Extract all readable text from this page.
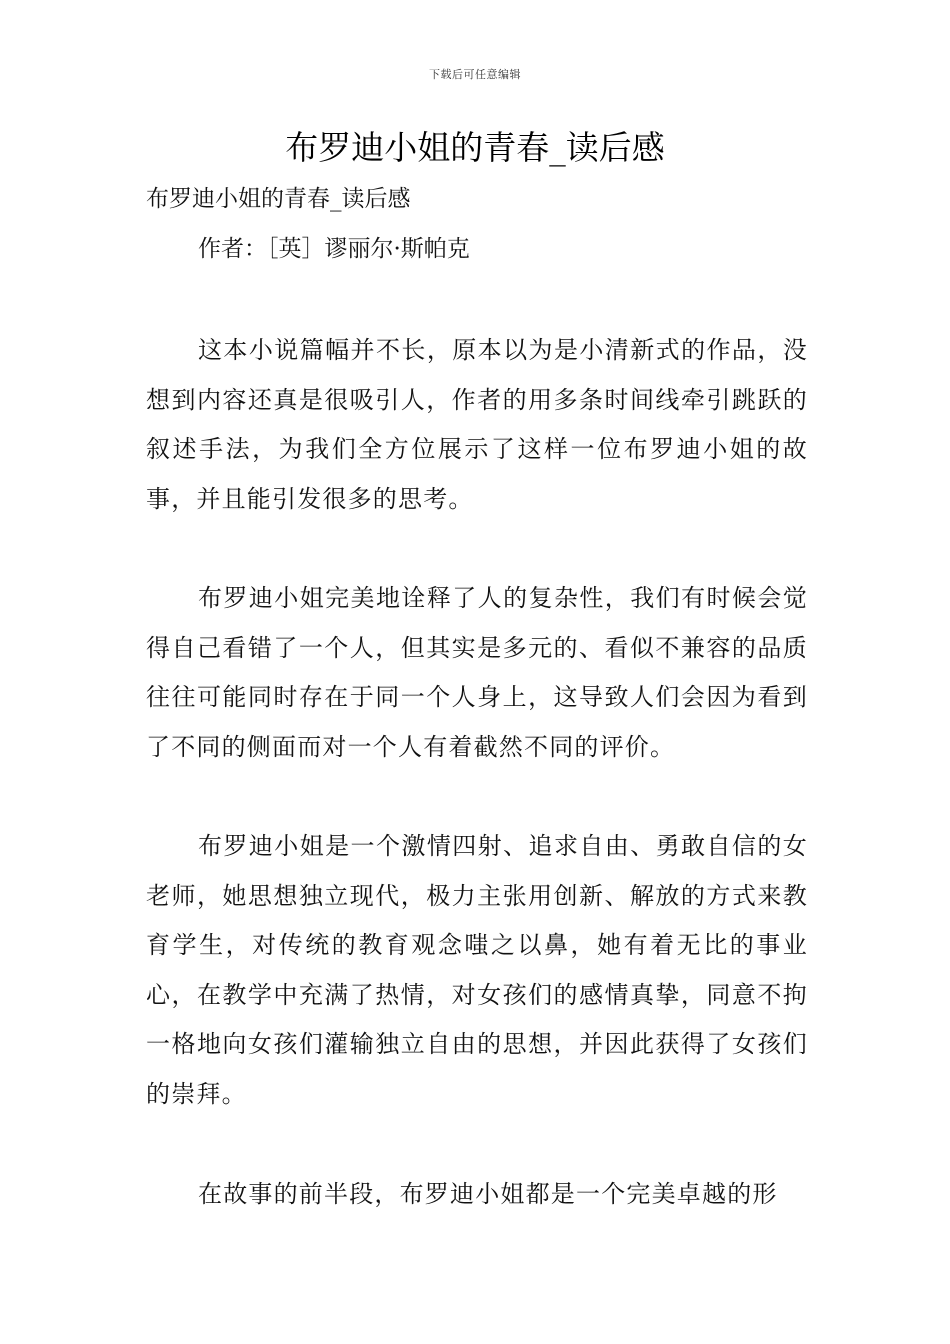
下载后可任意编辑
布罗迪小姐的青春_读后感
布罗迪小姐的青春_读后感
作者：［英］谬丽尔·斯帕克

这本小说篇幅并不长，原本以为是小清新式的作品，没想到内容还真是很吸引人，作者的用多条时间线牵引跳跃的叙述手法，为我们全方位展示了这样一位布罗迪小姐的故事，并且能引发很多的思考。

布罗迪小姐完美地诠释了人的复杂性，我们有时候会觉得自己看错了一个人，但其实是多元的、看似不兼容的品质往往可能同时存在于同一个人身上，这导致人们会因为看到了不同的侧面而对一个人有着截然不同的评价。

布罗迪小姐是一个激情四射、追求自由、勇敢自信的女老师，她思想独立现代，极力主张用创新、解放的方式来教育学生，对传统的教育观念嗤之以鼻，她有着无比的事业心，在教学中充满了热情，对女孩们的感情真挚，同意不拘一格地向女孩们灌输独立自由的思想，并因此获得了女孩们的崇拜。

在故事的前半段，布罗迪小姐都是一个完美卓越的形
